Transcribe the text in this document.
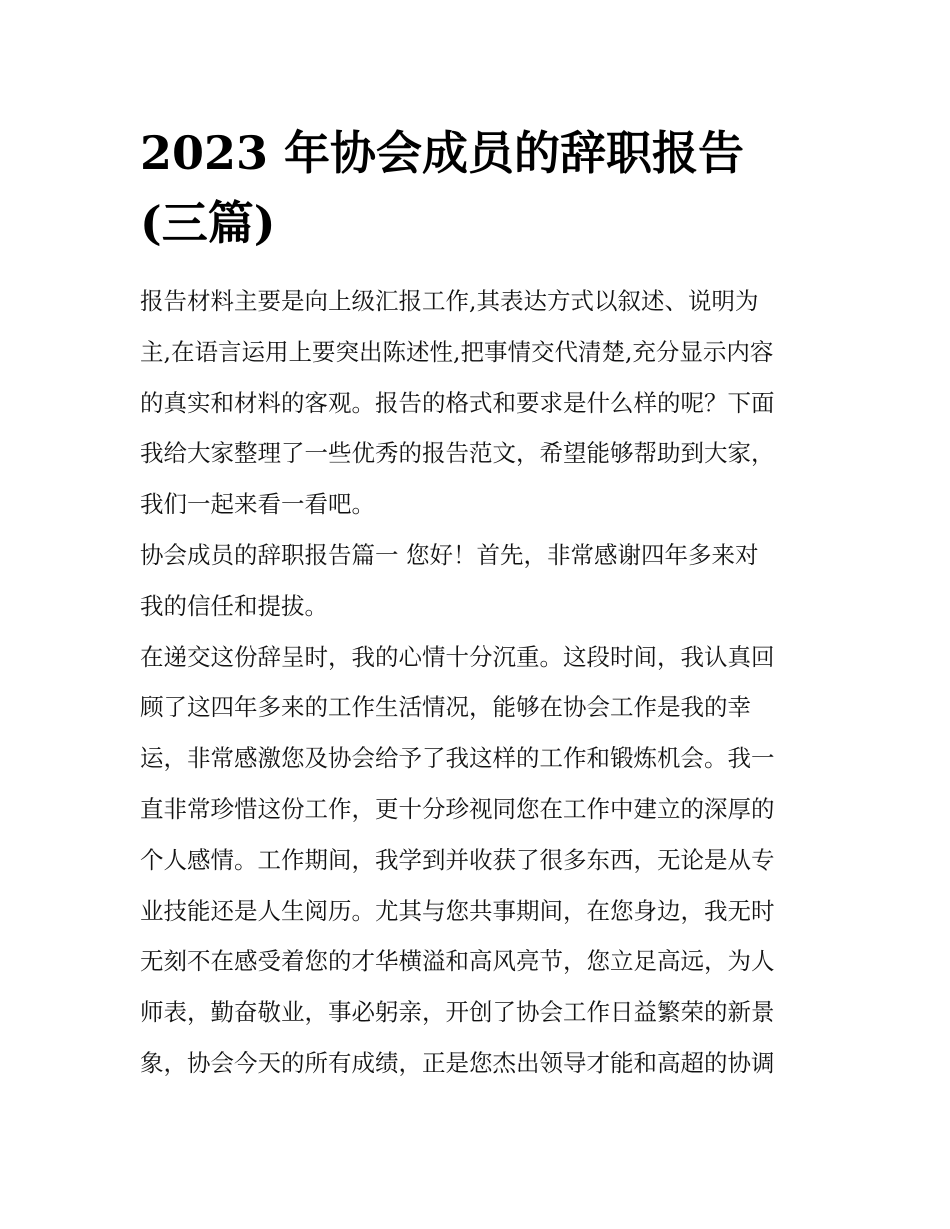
2023 年协会成员的辞职报告
(三篇)
报告材料主要是向上级汇报工作,其表达方式以叙述、说明为
主,在语言运用上要突出陈述性,把事情交代清楚,充分显示内容
的真实和材料的客观。报告的格式和要求是什么样的呢？下面
我给大家整理了一些优秀的报告范文，希望能够帮助到大家，
我们一起来看一看吧。
协会成员的辞职报告篇一 您好！首先，非常感谢四年多来对
我的信任和提拔。
在递交这份辞呈时，我的心情十分沉重。这段时间，我认真回
顾了这四年多来的工作生活情况，能够在协会工作是我的幸
运，非常感激您及协会给予了我这样的工作和锻炼机会。我一
直非常珍惜这份工作，更十分珍视同您在工作中建立的深厚的
个人感情。工作期间，我学到并收获了很多东西，无论是从专
业技能还是人生阅历。尤其与您共事期间，在您身边，我无时
无刻不在感受着您的才华横溢和高风亮节，您立足高远，为人
师表，勤奋敬业，事必躬亲，开创了协会工作日益繁荣的新景
象，协会今天的所有成绩，正是您杰出领导才能和高超的协调
